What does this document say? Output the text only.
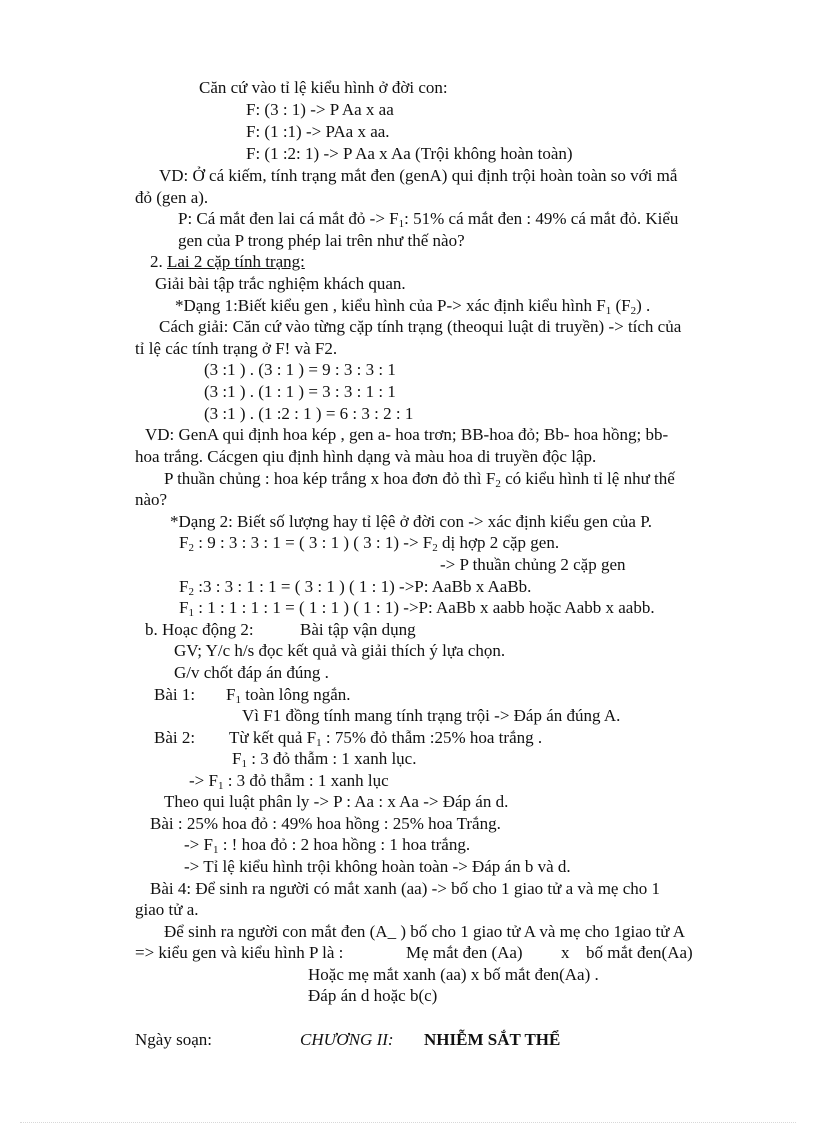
Căn cứ vào tỉ lệ kiểu hình ở đời con:
F: (3 : 1) -> P Aa x aa
F: (1 :1) -> PAa x aa.
F: (1 :2: 1) -> P Aa x Aa (Trội không hoàn toàn)
VD: Ở cá kiếm, tính trạng mắt đen (genA) qui định trội hoàn toàn so với mắ
đỏ (gen a).
P: Cá mắt đen lai cá mắt đỏ -> $F_1$: 51% cá mắt đen : 49% cá mắt đỏ. Kiểu
gen của P trong phép lai trên như thế nào?
2. Lai 2 cặp tính trạng:
Giải bài tập trắc nghiệm khách quan.
*Dạng 1:Biết kiểu gen , kiểu hình của P-> xác định kiểu hình $F_1$ $(F_2)$ .
Cách giải: Căn cứ vào từng cặp tính trạng (theoqui luật di truyền) -> tích của
tỉ lệ các tính trạng ở F! và F2.
(3 :1 ) . (3 : 1 ) = 9 : 3 : 3 : 1
(3 :1 ) . (1 : 1 ) = 3 : 3 : 1 : 1
(3 :1 ) . (1 :2 : 1 ) = 6 : 3 : 2 : 1
VD: GenA qui định hoa kép , gen a- hoa trơn; BB-hoa đỏ; Bb- hoa hồng; bb-
hoa trắng. Cácgen qiu định hình dạng và màu hoa di truyền độc lập.
P thuần chủng : hoa kép trắng x hoa đơn đỏ thì $F_2$ có kiểu hình tỉ lệ như thế
nào?
*Dạng 2: Biết số lượng hay tỉ lệê ở đời con -> xác định kiểu gen của P.
$F_2$ : 9 : 3 : 3 : 1 = ( 3 : 1 ) ( 3 : $1) -> F_2$ dị hợp 2 cặp gen.
-> P thuần chủng 2 cặp gen
$F_2$ :3 : 3 : 1 : 1 = ( 3 : 1 ) ( 1 : 1) ->P: AaBb x AaBb.
$F_1$ : 1 : 1 : 1 : 1 = ( 1 : 1 ) ( 1 : 1) ->P: AaBb x aabb hoặc Aabb x aabb.
b. Hoạc động 2:	Bài tập vận dụng
GV; Y/c h/s đọc kết quả và giải thích ý lựa chọn.
G/v chốt đáp án đúng .
Bài 1: $F_1$ toàn lông ngắn.
Vì F1 đồng tính mang tính trạng trội -> Đáp án đúng A.
Bài 2: Từ kết quả $F_1$ : 75% đỏ thẫm :25% hoa trắng .
$F_1$ : 3 đỏ thẫm : 1 xanh lục.
-> $F_1$ : 3 đỏ thẫm : 1 xanh lục
Theo qui luật phân ly -> P : Aa : x Aa -> Đáp án d.
Bài : 25% hoa đỏ : 49% hoa hồng : 25% hoa Trắng.
-> $F_1$ : ! hoa đỏ : 2 hoa hồng : 1 hoa trắng.
-> Tỉ lệ kiểu hình trội không hoàn toàn -> Đáp án b và d.
Bài 4: Để sinh ra người có mắt xanh (aa) -> bố cho 1 giao tử a và mẹ cho 1
giao tử a.
Để sinh ra người con mắt đen (A_ ) bố cho 1 giao tử A và mẹ cho 1giao tử A
=> kiểu gen và kiểu hình P là :	Mẹ mắt đen (Aa) x bố mắt đen(Aa)
Hoặc mẹ mắt xanh (aa) x bố mắt đen(Aa) .
Đáp án d hoặc b(c)
Ngày soạn:	CHƯƠNG II: NHIỄM SẮT THỂ
